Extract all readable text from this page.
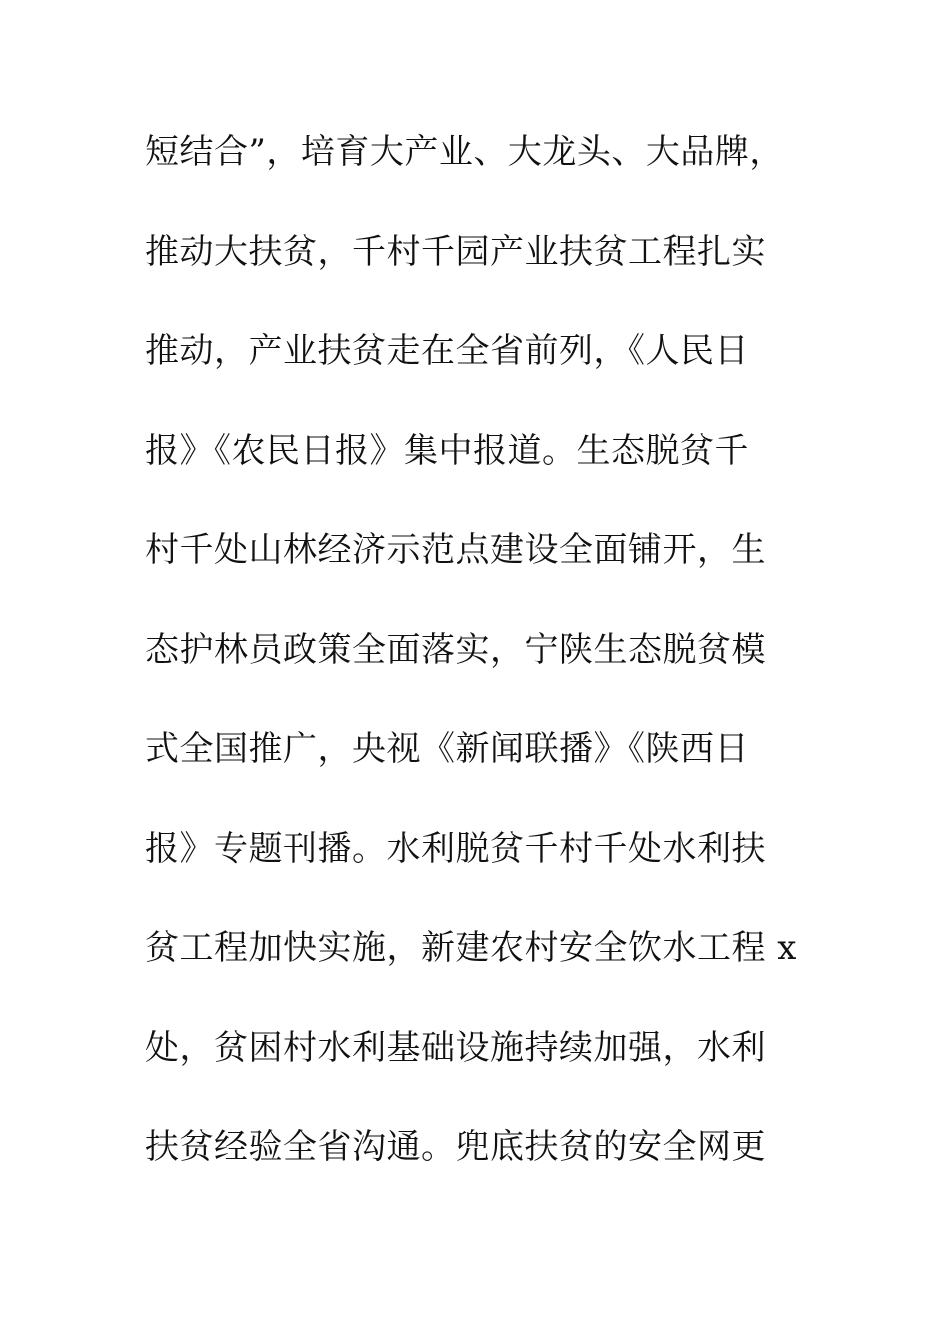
短结合”，培育大产业、大龙头、大品牌，
推动大扶贫，千村千园产业扶贫工程扎实
推动，产业扶贫走在全省前列，《人民日
报》《农民日报》集中报道。生态脱贫千
村千处山林经济示范点建设全面铺开，生
态护林员政策全面落实，宁陕生态脱贫模
式全国推广，央视《新闻联播》《陕西日
报》专题刊播。水利脱贫千村千处水利扶
贫工程加快实施，新建农村安全饮水工程 x
处，贫困村水利基础设施持续加强，水利
扶贫经验全省沟通。兜底扶贫的安全网更
